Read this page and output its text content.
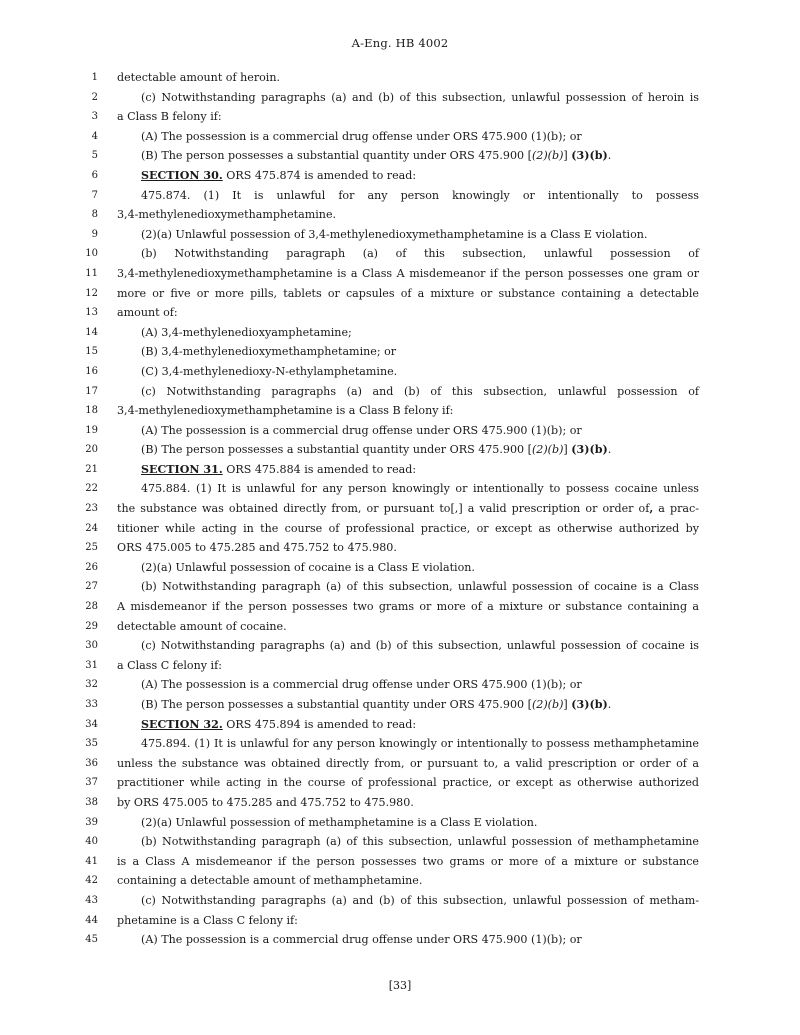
A-Eng. HB 4002
1 detectable amount of heroin.
2	(c) Notwithstanding paragraphs (a) and (b) of this subsection, unlawful possession of heroin is
3 a Class B felony if:
4	(A) The possession is a commercial drug offense under ORS 475.900 (1)(b); or
5	(B) The person possesses a substantial quantity under ORS 475.900 [(2)(b)] (3)(b).
6	SECTION 30. ORS 475.874 is amended to read:
7	475.874. (1) It is unlawful for any person knowingly or intentionally to possess
8 3,4-methylenedioxymethamphetamine.
9	(2)(a) Unlawful possession of 3,4-methylenedioxymethamphetamine is a Class E violation.
10	(b) Notwithstanding paragraph (a) of this subsection, unlawful possession of
11 3,4-methylenedioxymethamphetamine is a Class A misdemeanor if the person possesses one gram or
12 more or five or more pills, tablets or capsules of a mixture or substance containing a detectable
13 amount of:
14	(A) 3,4-methylenedioxyamphetamine;
15	(B) 3,4-methylenedioxymethamphetamine; or
16	(C) 3,4-methylenedioxy-N-ethylamphetamine.
17	(c) Notwithstanding paragraphs (a) and (b) of this subsection, unlawful possession of
18 3,4-methylenedioxymethamphetamine is a Class B felony if:
19	(A) The possession is a commercial drug offense under ORS 475.900 (1)(b); or
20	(B) The person possesses a substantial quantity under ORS 475.900 [(2)(b)] (3)(b).
21	SECTION 31. ORS 475.884 is amended to read:
22	475.884. (1) It is unlawful for any person knowingly or intentionally to possess cocaine unless
23 the substance was obtained directly from, or pursuant to[,] a valid prescription or order of, a prac-
24 titioner while acting in the course of professional practice, or except as otherwise authorized by
25 ORS 475.005 to 475.285 and 475.752 to 475.980.
26	(2)(a) Unlawful possession of cocaine is a Class E violation.
27	(b) Notwithstanding paragraph (a) of this subsection, unlawful possession of cocaine is a Class
28 A misdemeanor if the person possesses two grams or more of a mixture or substance containing a
29 detectable amount of cocaine.
30	(c) Notwithstanding paragraphs (a) and (b) of this subsection, unlawful possession of cocaine is
31 a Class C felony if:
32	(A) The possession is a commercial drug offense under ORS 475.900 (1)(b); or
33	(B) The person possesses a substantial quantity under ORS 475.900 [(2)(b)] (3)(b).
34	SECTION 32. ORS 475.894 is amended to read:
35	475.894. (1) It is unlawful for any person knowingly or intentionally to possess methamphetamine
36 unless the substance was obtained directly from, or pursuant to, a valid prescription or order of a
37 practitioner while acting in the course of professional practice, or except as otherwise authorized
38 by ORS 475.005 to 475.285 and 475.752 to 475.980.
39	(2)(a) Unlawful possession of methamphetamine is a Class E violation.
40	(b) Notwithstanding paragraph (a) of this subsection, unlawful possession of methamphetamine
41 is a Class A misdemeanor if the person possesses two grams or more of a mixture or substance
42 containing a detectable amount of methamphetamine.
43	(c) Notwithstanding paragraphs (a) and (b) of this subsection, unlawful possession of metham-
44 phetamine is a Class C felony if:
45	(A) The possession is a commercial drug offense under ORS 475.900 (1)(b); or
[33]
